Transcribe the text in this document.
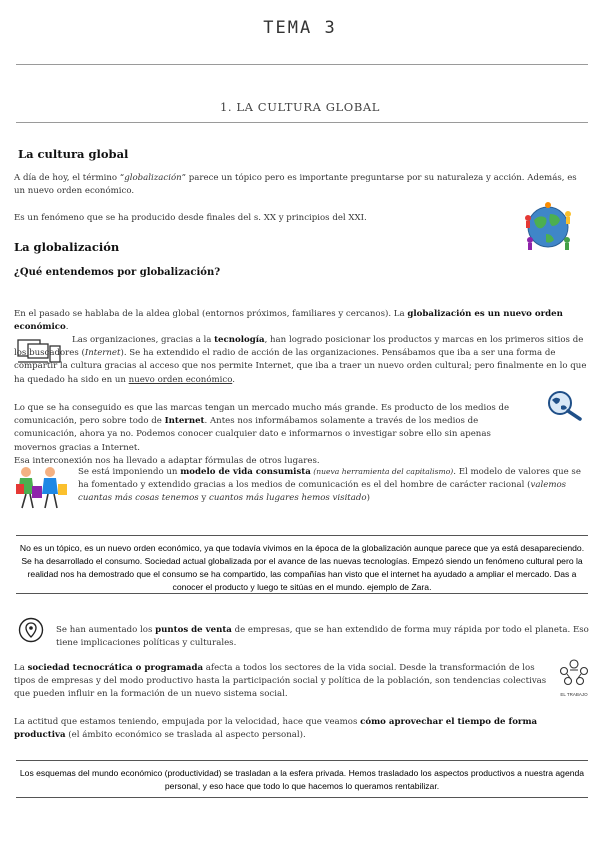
TEMA 3
1. LA CULTURA GLOBAL
La cultura global
A día de hoy, el término “globalización” parece un tópico pero es importante preguntarse por su naturaleza y acción. Además, es un nuevo orden económico.
Es un fenómeno que se ha producido desde finales del s. XX y principios del XXI.
La globalización
¿Qué entendemos por globalización?
En el pasado se hablaba de la aldea global (entornos próximos, familiares y cercanos). La globalización es un nuevo orden económico.
Las organizaciones, gracias a la tecnología, han logrado posicionar los productos y marcas en los primeros sitios de los buscadores (Internet). Se ha extendido el radio de acción de las organizaciones. Pensábamos que iba a ser una forma de compartir la cultura gracias al acceso que nos permite Internet, que iba a traer un nuevo orden cultural; pero finalmente en lo que ha quedado ha sido en un nuevo orden económico.
Lo que se ha conseguido es que las marcas tengan un mercado mucho más grande. Es producto de los medios de comunicación, pero sobre todo de Internet. Antes nos informábamos solamente a través de los medios de comunicación, ahora ya no. Podemos conocer cualquier dato e informarnos o investigar sobre ello sin apenas movernos gracias a Internet.
Esa interconexión nos ha llevado a adaptar fórmulas de otros lugares.
Se está imponiendo un modelo de vida consumista (nueva herramienta del capitalismo). El modelo de valores que se ha fomentado y extendido gracias a los medios de comunicación es el del hombre de carácter racional (valemos cuantas más cosas tenemos y cuantos más lugares hemos visitado)
No es un tópico, es un nuevo orden económico, ya que todavía vivimos en la época de la globalización aunque parece que ya está desapareciendo. Se ha desarrollado el consumo. Sociedad actual globalizada por el avance de las nuevas tecnologías. Empezó siendo un fenómeno cultural pero la realidad nos ha demostrado que el consumo se ha compartido, las compañías han visto que el internet ha ayudado a ampliar el mercado. Das a conocer el producto y luego te sitúas en el mundo. ejemplo de Zara.
Se han aumentado los puntos de venta de empresas, que se han extendido de forma muy rápida por todo el planeta. Eso tiene implicaciones políticas y culturales.
EL TRABAJO
La sociedad tecnocrática o programada afecta a todos los sectores de la vida social. Desde la transformación de los tipos de empresas y del modo productivo hasta la participación social y política de la población, son tendencias colectivas que pueden influir en la formación de un nuevo sistema social.
La actitud que estamos teniendo, empujada por la velocidad, hace que veamos cómo aprovechar el tiempo de forma productiva (el ámbito económico se traslada al aspecto personal).
Los esquemas del mundo económico (productividad) se trasladan a la esfera privada. Hemos trasladado los aspectos productivos a nuestra agenda personal, y eso hace que todo lo que hacemos lo queramos rentabilizar.
